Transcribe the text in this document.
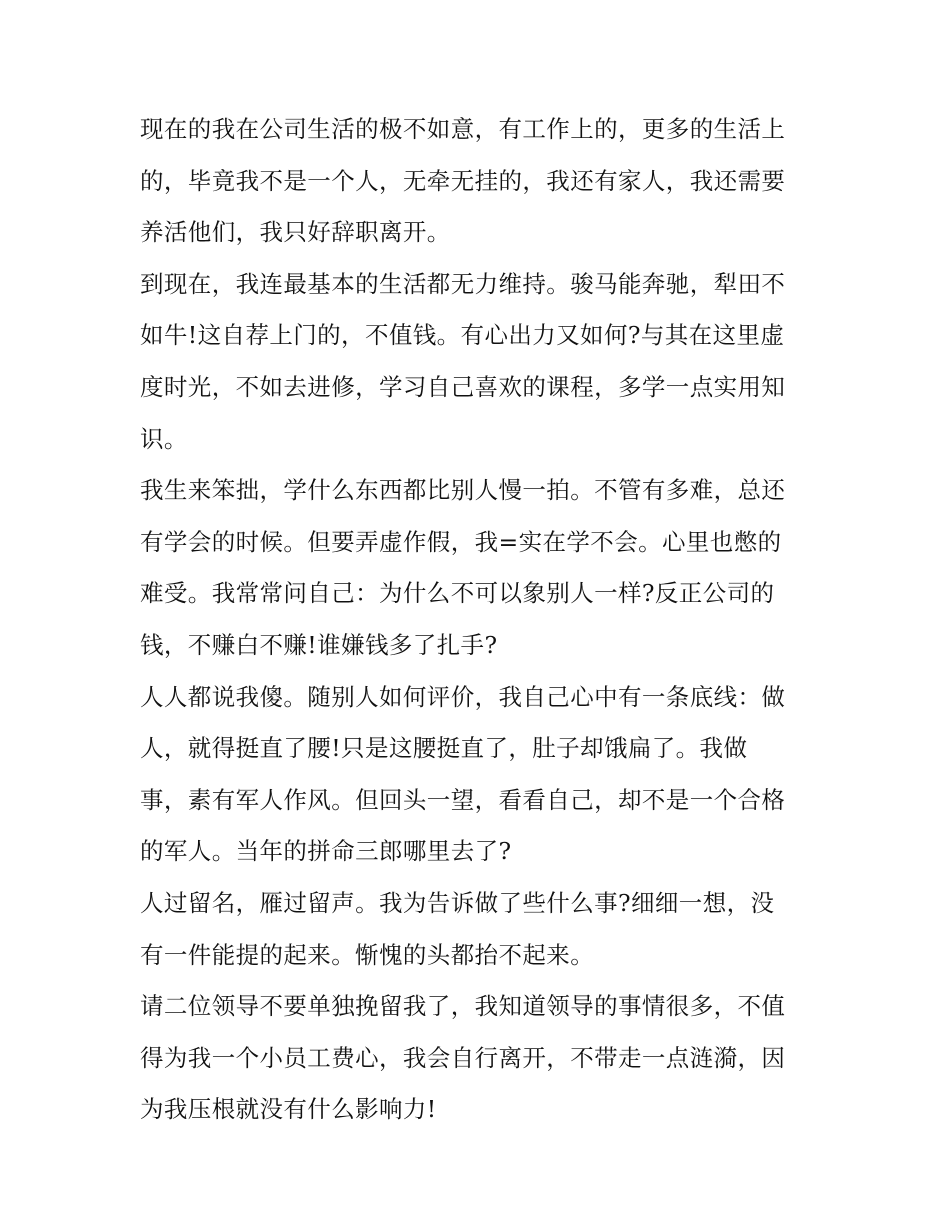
现在的我在公司生活的极不如意，有工作上的，更多的生活上
的，毕竟我不是一个人，无牵无挂的，我还有家人，我还需要
养活他们，我只好辞职离开。
到现在，我连最基本的生活都无力维持。骏马能奔驰，犁田不
如牛!这自荐上门的，不值钱。有心出力又如何?与其在这里虚
度时光，不如去进修，学习自己喜欢的课程，多学一点实用知
识。
我生来笨拙，学什么东西都比别人慢一拍。不管有多难，总还
有学会的时候。但要弄虚作假，我=实在学不会。心里也憋的
难受。我常常问自己：为什么不可以象别人一样?反正公司的
钱，不赚白不赚!谁嫌钱多了扎手?
人人都说我傻。随别人如何评价，我自己心中有一条底线：做
人，就得挺直了腰!只是这腰挺直了，肚子却饿扁了。我做
事，素有军人作风。但回头一望，看看自己，却不是一个合格
的军人。当年的拼命三郎哪里去了?
人过留名，雁过留声。我为告诉做了些什么事?细细一想，没
有一件能提的起来。惭愧的头都抬不起来。
请二位领导不要单独挽留我了，我知道领导的事情很多，不值
得为我一个小员工费心，我会自行离开，不带走一点涟漪，因
为我压根就没有什么影响力!
